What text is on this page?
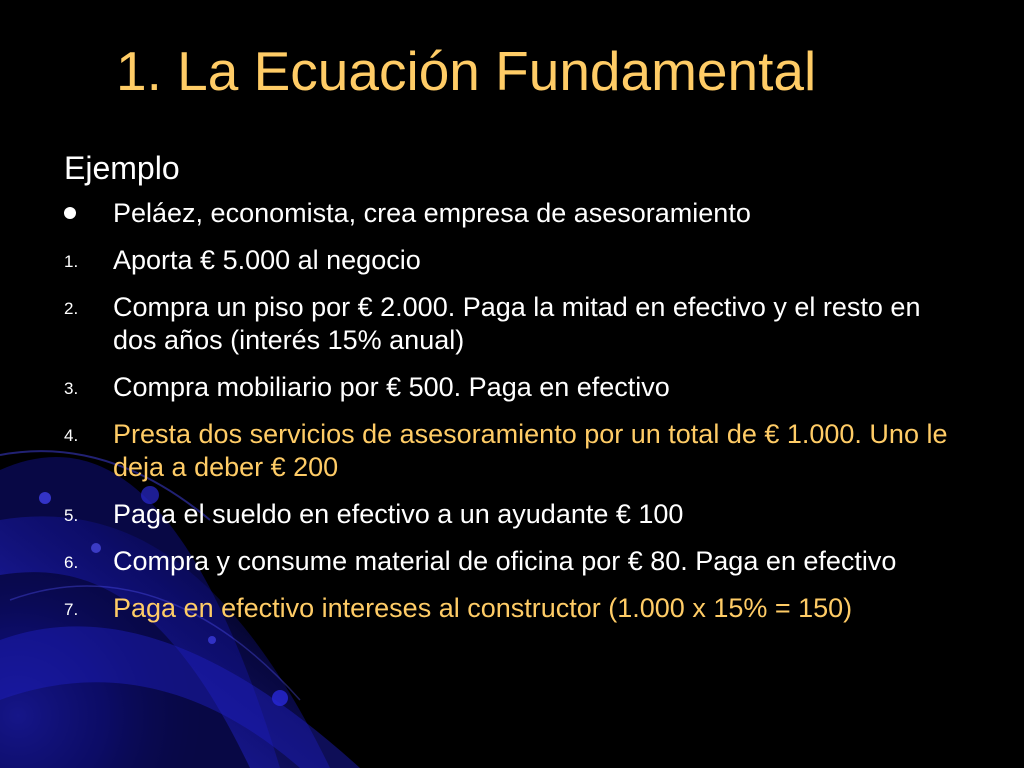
1. La Ecuación Fundamental
Ejemplo
Peláez, economista, crea empresa de asesoramiento
1. Aporta € 5.000 al negocio
2. Compra un piso por € 2.000. Paga la mitad en efectivo y el resto en dos años (interés 15% anual)
3. Compra mobiliario por € 500. Paga en efectivo
4. Presta dos servicios de asesoramiento por un total de € 1.000. Uno le deja a deber € 200
5. Paga el sueldo en efectivo a un ayudante € 100
6. Compra y consume material de oficina por € 80. Paga en efectivo
7. Paga en efectivo intereses al constructor (1.000 x 15% = 150)
